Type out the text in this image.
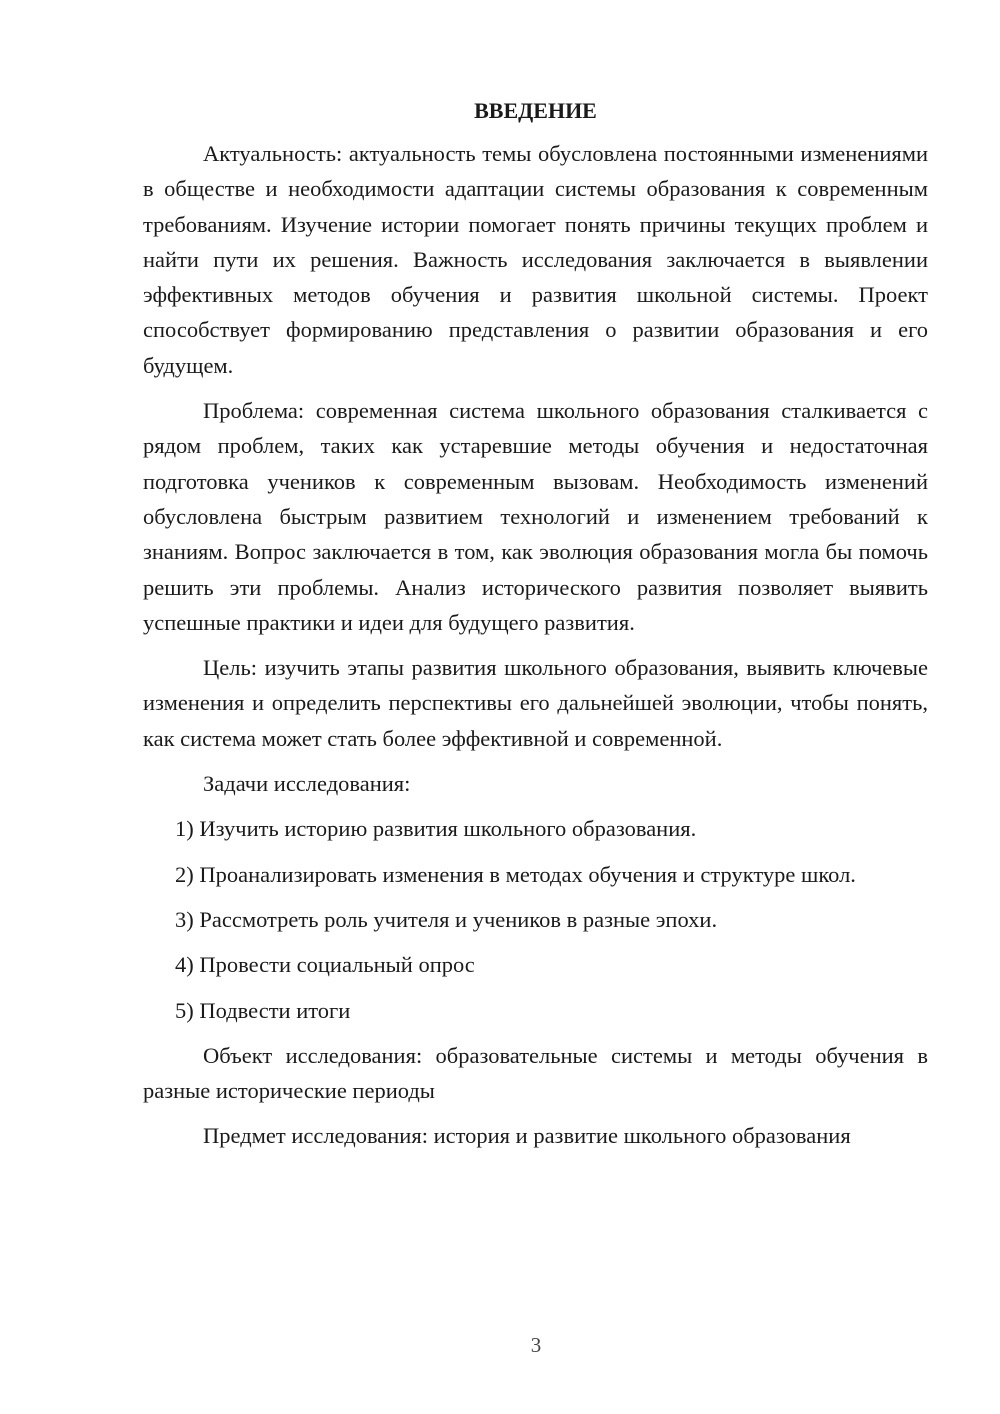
ВВЕДЕНИЕ

Актуальность: актуальность темы обусловлена постоянными изменениями в обществе и необходимости адаптации системы образования к современным требованиям. Изучение истории помогает понять причины текущих проблем и найти пути их решения. Важность исследования заключается в выявлении эффективных методов обучения и развития школьной системы. Проект способствует формированию представления о развитии образования и его будущем.

Проблема: современная система школьного образования сталкивается с рядом проблем, таких как устаревшие методы обучения и недостаточная подготовка учеников к современным вызовам. Необходимость изменений обусловлена быстрым развитием технологий и изменением требований к знаниям. Вопрос заключается в том, как эволюция образования могла бы помочь решить эти проблемы. Анализ исторического развития позволяет выявить успешные практики и идеи для будущего развития.

Цель: изучить этапы развития школьного образования, выявить ключевые изменения и определить перспективы его дальнейшей эволюции, чтобы понять, как система может стать более эффективной и современной.

Задачи исследования:

1) Изучить историю развития школьного образования.

2) Проанализировать изменения в методах обучения и структуре школ.

3) Рассмотреть роль учителя и учеников в разные эпохи.

4) Провести социальный опрос

5) Подвести итоги

Объект исследования: образовательные системы и методы обучения в разные исторические периоды

Предмет исследования: история и развитие школьного образования

3
